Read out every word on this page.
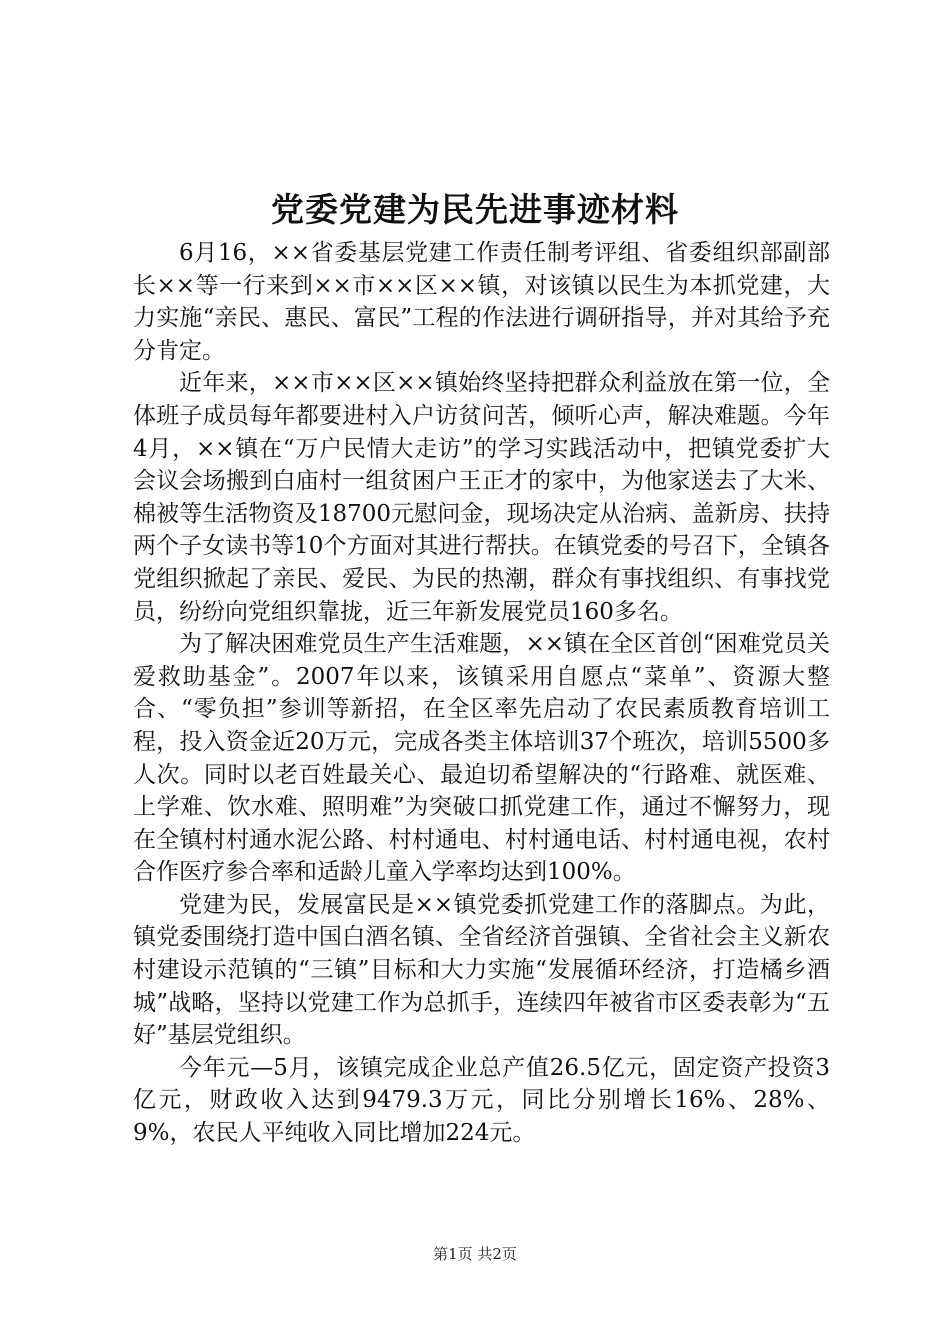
党委党建为民先进事迹材料

6月16，××省委基层党建工作责任制考评组、省委组织部副部长××等一行来到××市××区××镇，对该镇以民生为本抓党建，大力实施“亲民、惠民、富民”工程的作法进行调研指导，并对其给予充分肯定。

近年来，××市××区××镇始终坚持把群众利益放在第一位，全体班子成员每年都要进村入户访贫问苦，倾听心声，解决难题。今年4月，××镇在“万户民情大走访”的学习实践活动中，把镇党委扩大会议会场搬到白庙村一组贫困户王正才的家中，为他家送去了大米、棉被等生活物资及18700元慰问金，现场决定从治病、盖新房、扶持两个子女读书等10个方面对其进行帮扶。在镇党委的号召下，全镇各党组织掀起了亲民、爱民、为民的热潮，群众有事找组织、有事找党员，纷纷向党组织靠拢，近三年新发展党员160多名。

为了解决困难党员生产生活难题，××镇在全区首创“困难党员关爱救助基金”。2007年以来，该镇采用自愿点“菜单”、资源大整合、“零负担”参训等新招，在全区率先启动了农民素质教育培训工程，投入资金近20万元，完成各类主体培训37个班次，培训5500多人次。同时以老百姓最关心、最迫切希望解决的“行路难、就医难、上学难、饮水难、照明难”为突破口抓党建工作，通过不懈努力，现在全镇村村通水泥公路、村村通电、村村通电话、村村通电视，农村合作医疗参合率和适龄儿童入学率均达到100%。

党建为民，发展富民是××镇党委抓党建工作的落脚点。为此，镇党委围绕打造中国白酒名镇、全省经济首强镇、全省社会主义新农村建设示范镇的“三镇”目标和大力实施“发展循环经济，打造橘乡酒城”战略，坚持以党建工作为总抓手，连续四年被省市区委表彰为“五好”基层党组织。

今年元—5月，该镇完成企业总产值26.5亿元，固定资产投资3亿元，财政收入达到9479.3万元，同比分别增长16%、28%、9%，农民人平纯收入同比增加224元。

第1页 共2页
